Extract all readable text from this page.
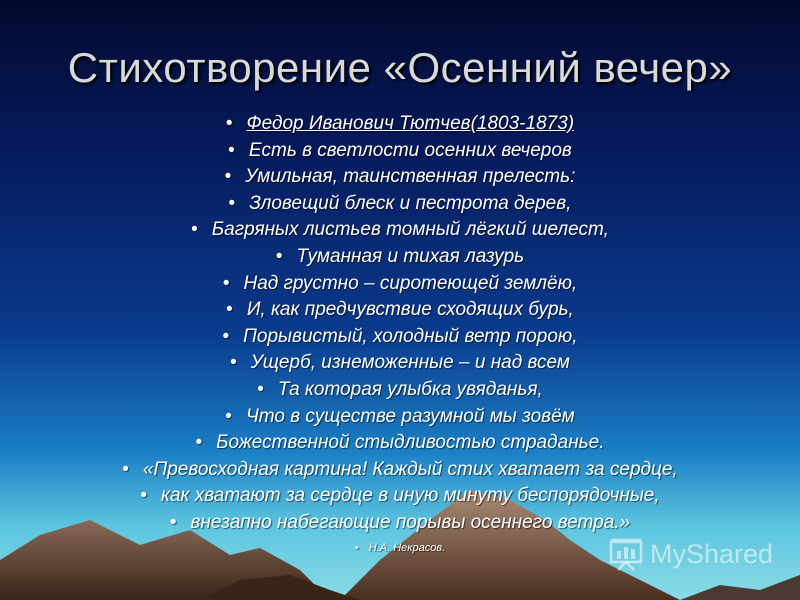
Стихотворение «Осенний вечер»
• Федор Иванович Тютчев(1803-1873)
• Есть в светлости осенних вечеров
• Умильная, таинственная прелесть:
• Зловещий блеск и пестрота дерев,
• Багряных листьев томный лёгкий шелест,
• Туманная и тихая лазурь
• Над грустно – сиротеющей землёю,
• И, как предчувствие сходящих бурь,
• Порывистый, холодный ветр порою,
• Ущерб, изнеможенные – и над всем
• Та которая улыбка увяданья,
• Что в существе разумной мы зовём
• Божественной стыдливостью страданье.
• «Превосходная картина! Каждый стих хватает за сердце,
• как хватают за сердце в иную минуту беспорядочные,
• внезапно набегающие порывы осеннего ветра.»
• Н.А. Некрасов.	MyShared
